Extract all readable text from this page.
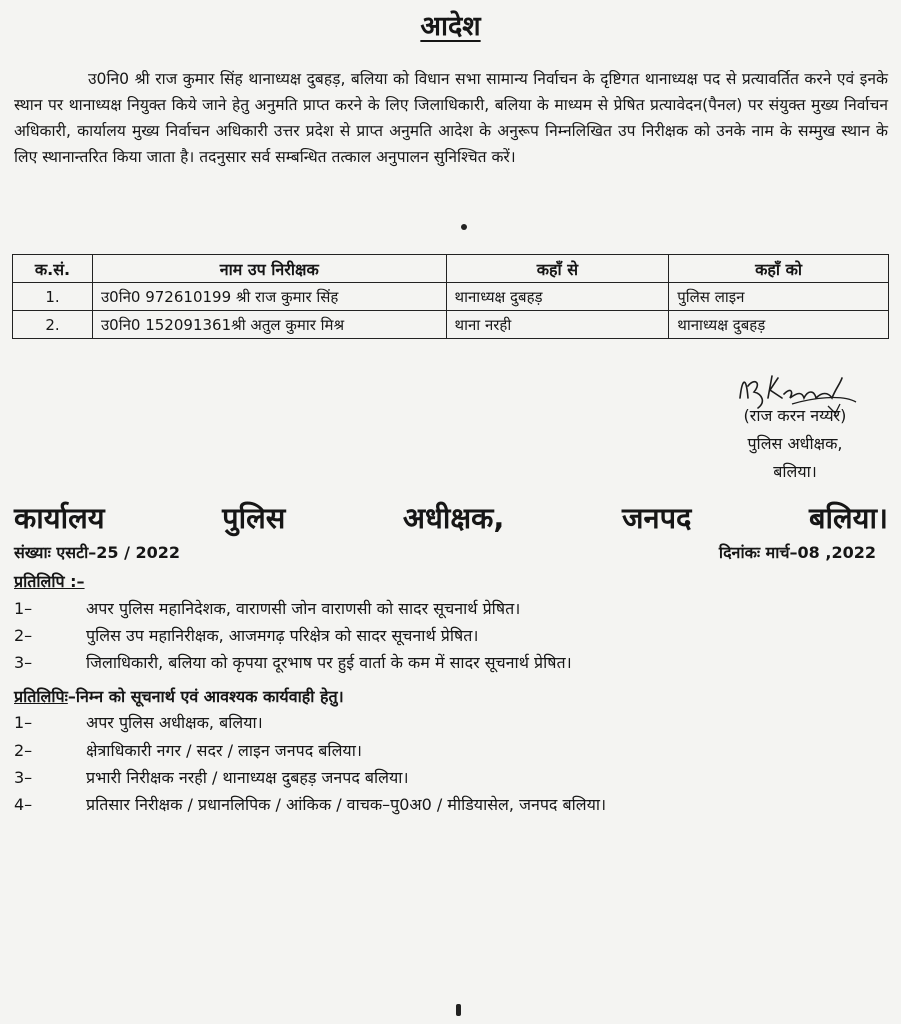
आदेश

उ0नि0 श्री राज कुमार सिंह थानाध्यक्ष दुबहड़, बलिया को विधान सभा सामान्य निर्वाचन के दृष्टिगत थानाध्यक्ष पद से प्रत्यावर्तित करने एवं इनके स्थान पर थानाध्यक्ष नियुक्त किये जाने हेतु अनुमति प्राप्त करने के लिए जिलाधिकारी, बलिया के माध्यम से प्रेषित प्रत्यावेदन(पैनल) पर संयुक्त मुख्य निर्वाचन अधिकारी, कार्यालय मुख्य निर्वाचन अधिकारी उत्तर प्रदेश से प्राप्त अनुमति आदेश के अनुरूप निम्नलिखित उप निरीक्षक को उनके नाम के सम्मुख स्थान के लिए स्थानान्तरित किया जाता है। तदनुसार सर्व सम्बन्धित तत्काल अनुपालन सुनिश्चित करें।

क.सं.	नाम उप निरीक्षक	कहाँ से	कहाँ को
1.	उ0नि0 972610199 श्री राज कुमार सिंह	थानाध्यक्ष दुबहड़	पुलिस लाइन
2.	उ0नि0 152091361श्री अतुल कुमार मिश्र	थाना नरही	थानाध्यक्ष दुबहड़
(राज करन नय्यर)
पुलिस अधीक्षक,
बलिया।
कार्यालय	पुलिस	अधीक्षक,	जनपद	बलिया।
संख्याः एसटी–25 / 2022	दिनांकः मार्च–08 ,2022
प्रतिलिपि :–
1–	अपर पुलिस महानिदेशक, वाराणसी जोन वाराणसी को सादर सूचनार्थ प्रेषित।
2–	पुलिस उप महानिरीक्षक, आजमगढ़ परिक्षेत्र को सादर सूचनार्थ प्रेषित।
3–	जिलाधिकारी, बलिया को कृपया दूरभाष पर हुई वार्ता के कम में सादर सूचनार्थ प्रेषित।
प्रतिलिपिः–निम्न को सूचनार्थ एवं आवश्यक कार्यवाही हेतु।
1–	अपर पुलिस अधीक्षक, बलिया।
2–	क्षेत्राधिकारी नगर / सदर / लाइन जनपद बलिया।
3–	प्रभारी निरीक्षक नरही / थानाध्यक्ष दुबहड़ जनपद बलिया।
4–	प्रतिसार निरीक्षक / प्रधानलिपिक / आंकिक / वाचक–पु0अ0 / मीडियासेल, जनपद बलिया।
